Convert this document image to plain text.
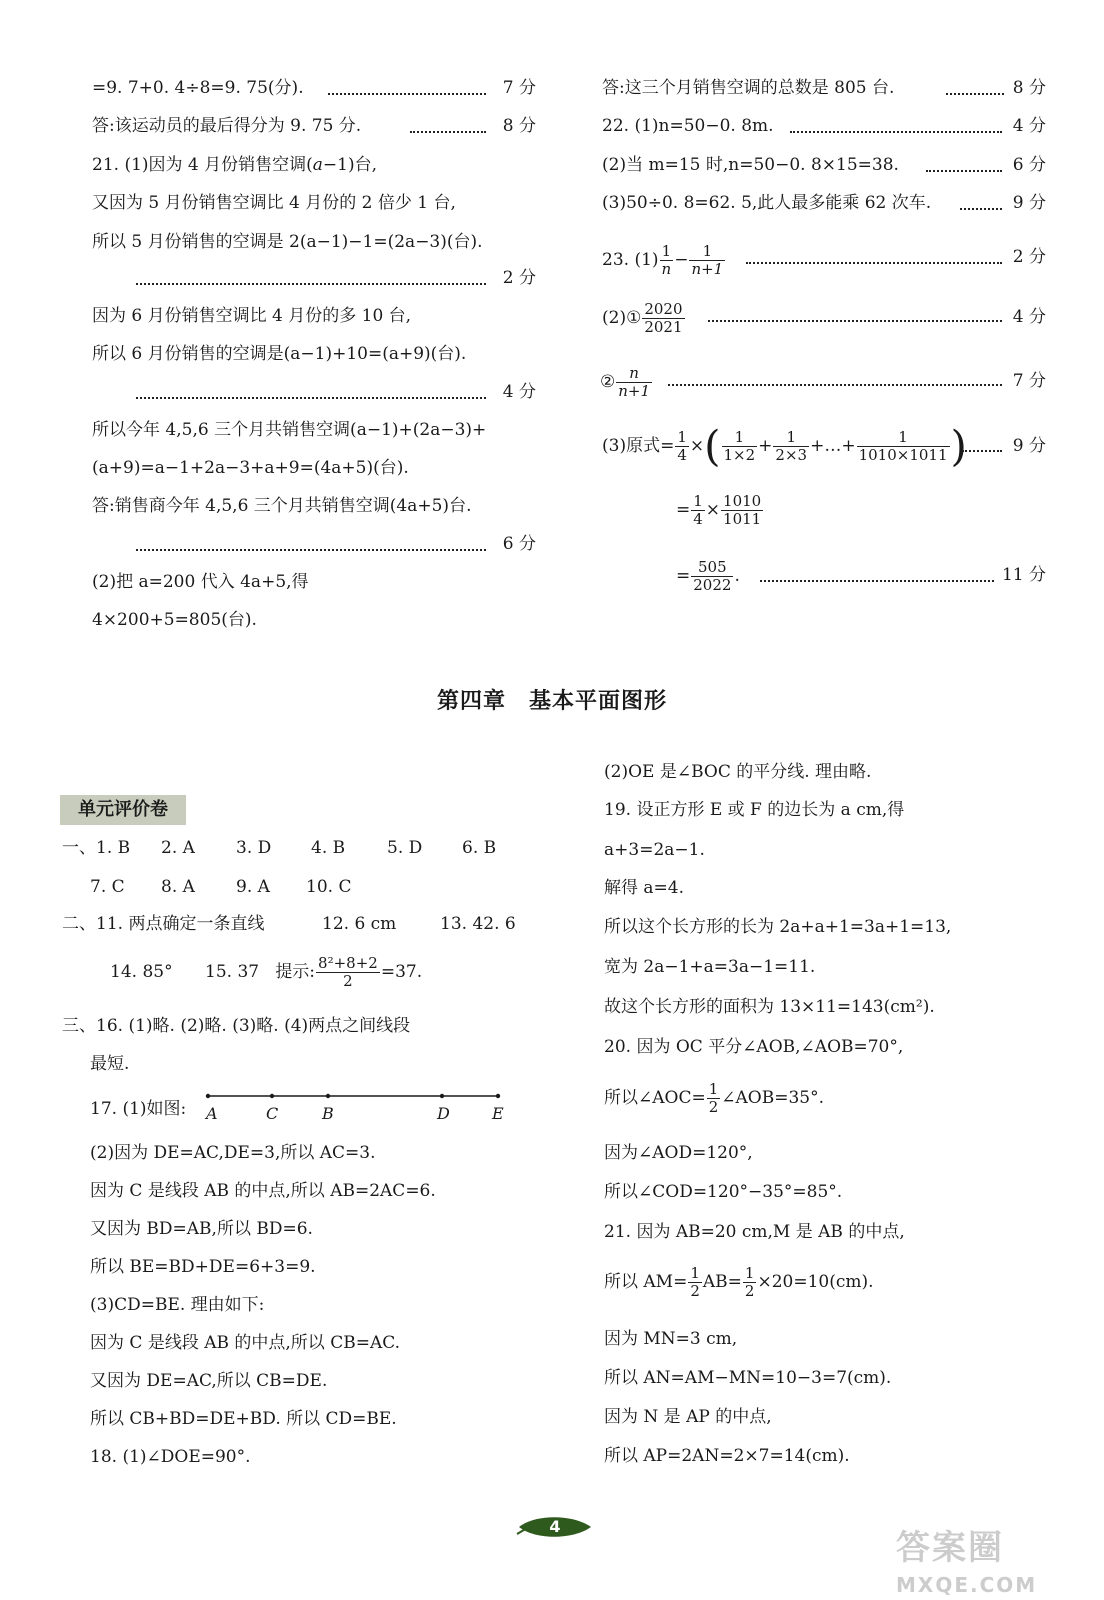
=9. 7+0. 4÷8=9. 75(分).	7 分
答:该运动员的最后得分为 9. 75 分.	8 分
21. (1)因为 4 月份销售空调(a−1)台,
又因为 5 月份销售空调比 4 月份的 2 倍少 1 台,
所以 5 月份销售的空调是 2(a−1)−1=(2a−3)(台).
2 分
因为 6 月份销售空调比 4 月份的多 10 台,
所以 6 月份销售的空调是(a−1)+10=(a+9)(台).
4 分
所以今年 4,5,6 三个月共销售空调(a−1)+(2a−3)+
(a+9)=a−1+2a−3+a+9=(4a+5)(台).
答:销售商今年 4,5,6 三个月共销售空调(4a+5)台.
6 分
(2)把 a=200 代入 4a+5,得
4×200+5=805(台).
答:这三个月销售空调的总数是 805 台.	8 分
22. (1)n=50−0. 8m.	4 分
(2)当 m=15 时,n=50−0. 8×15=38.	6 分
(3)50÷0. 8=62. 5,此人最多能乘 62 次车.	9 分
23. $(1) \frac{1}{n} - \frac{1}{n+1}$	2 分
(2)① $\frac{2020}{2021}$	4 分
② $\frac{n}{n+1}$	7 分
(3)原式= $\frac{1}{4}$ ×( $\frac{1}{1\times 2} + \frac{1}{2\times 3}$ +…+ $\frac{1}{1010\times 1011}$ )	9 分
= $\frac{1}{4} \times \frac{1010}{1011}$
= $\frac{505}{2022}$ .	11 分
第四章　基本平面图形
单元评价卷
一、1. B 2. A 3. D 4. B 5. D 6. B
7. C 8. A 9. A 10. C
二、11. 两点确定一条直线	12. 6 cm	13. 42. 6
14. 85° 15. 37 提示: $\frac{\text{8²+8+2}}{2} =37$.
三、16. (1)略. (2)略. (3)略. (4)两点之间线段
最短.
17. (1)如图: A	C	B	D	E
(2)因为 DE=AC,DE=3,所以 AC=3.
因为 C 是线段 AB 的中点,所以 AB=2AC=6.
又因为 BD=AB,所以 BD=6.
所以 BE=BD+DE=6+3=9.
(3)CD=BE. 理由如下:
因为 C 是线段 AB 的中点,所以 CB=AC.
又因为 DE=AC,所以 CB=DE.
所以 CB+BD=DE+BD. 所以 CD=BE.
18. (1)∠DOE=90°.
(2)OE 是∠BOC 的平分线. 理由略.
19. 设正方形 E 或 F 的边长为 a cm,得
a+3=2a−1.
解得 a=4.
所以这个长方形的长为 2a+a+1=3a+1=13,
宽为 2a−1+a=3a−1=11.
故这个长方形的面积为 13×11=143(cm²).
20. 因为 OC 平分∠AOB,∠AOB=70°,
所以∠AOC= $\frac{1}{2}$ ∠AOB=35°.
因为∠AOD=120°,
所以∠COD=120°−35°=85°.
21. 因为 AB=20 cm,M 是 AB 的中点,
所以 $AM= \frac{1}{2} AB= \frac{1}{2} \times 20=10(cm)$.
因为 MN=3 cm,
所以 AN=AM−MN=10−3=7(cm).
因为 N 是 AP 的中点,
所以 AP=2AN=2×7=14(cm).
4
答案圈
MXQE.COM
